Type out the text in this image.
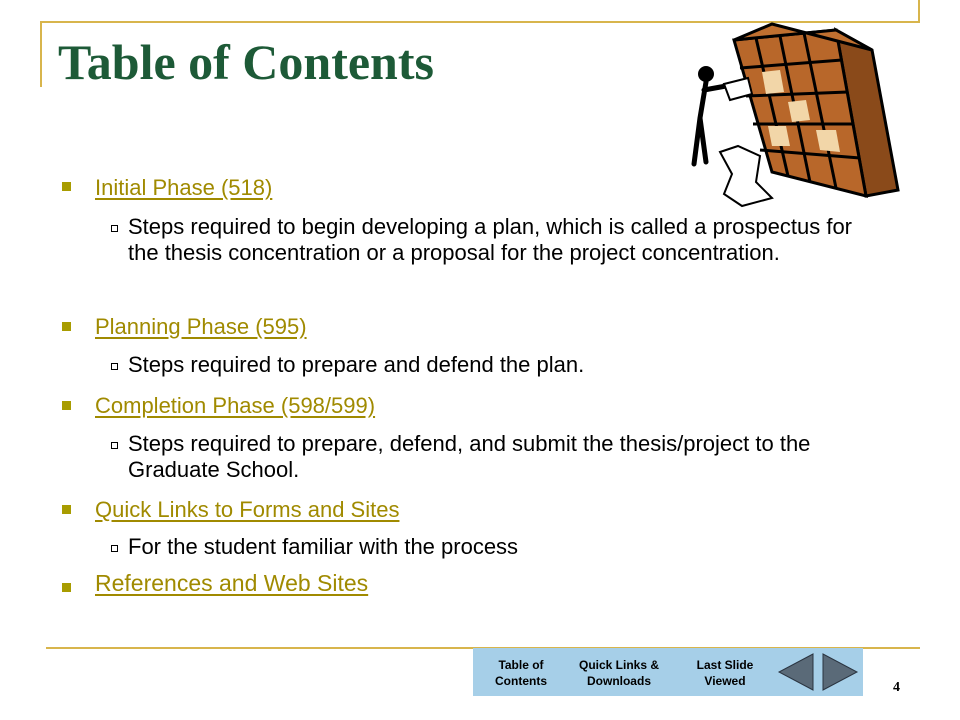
Table of Contents
Initial Phase (518)
Steps required to begin developing a plan, which is called a prospectus for the thesis concentration or a proposal for the project concentration.
Planning Phase (595)
Steps required to prepare and defend the plan.
Completion Phase (598/599)
Steps required to prepare, defend, and submit the thesis/project to the Graduate School.
Quick Links to Forms and Sites
For the student familiar with the process
References and Web Sites
Table of
Contents
Quick Links &
Downloads
Last Slide
Viewed	4
